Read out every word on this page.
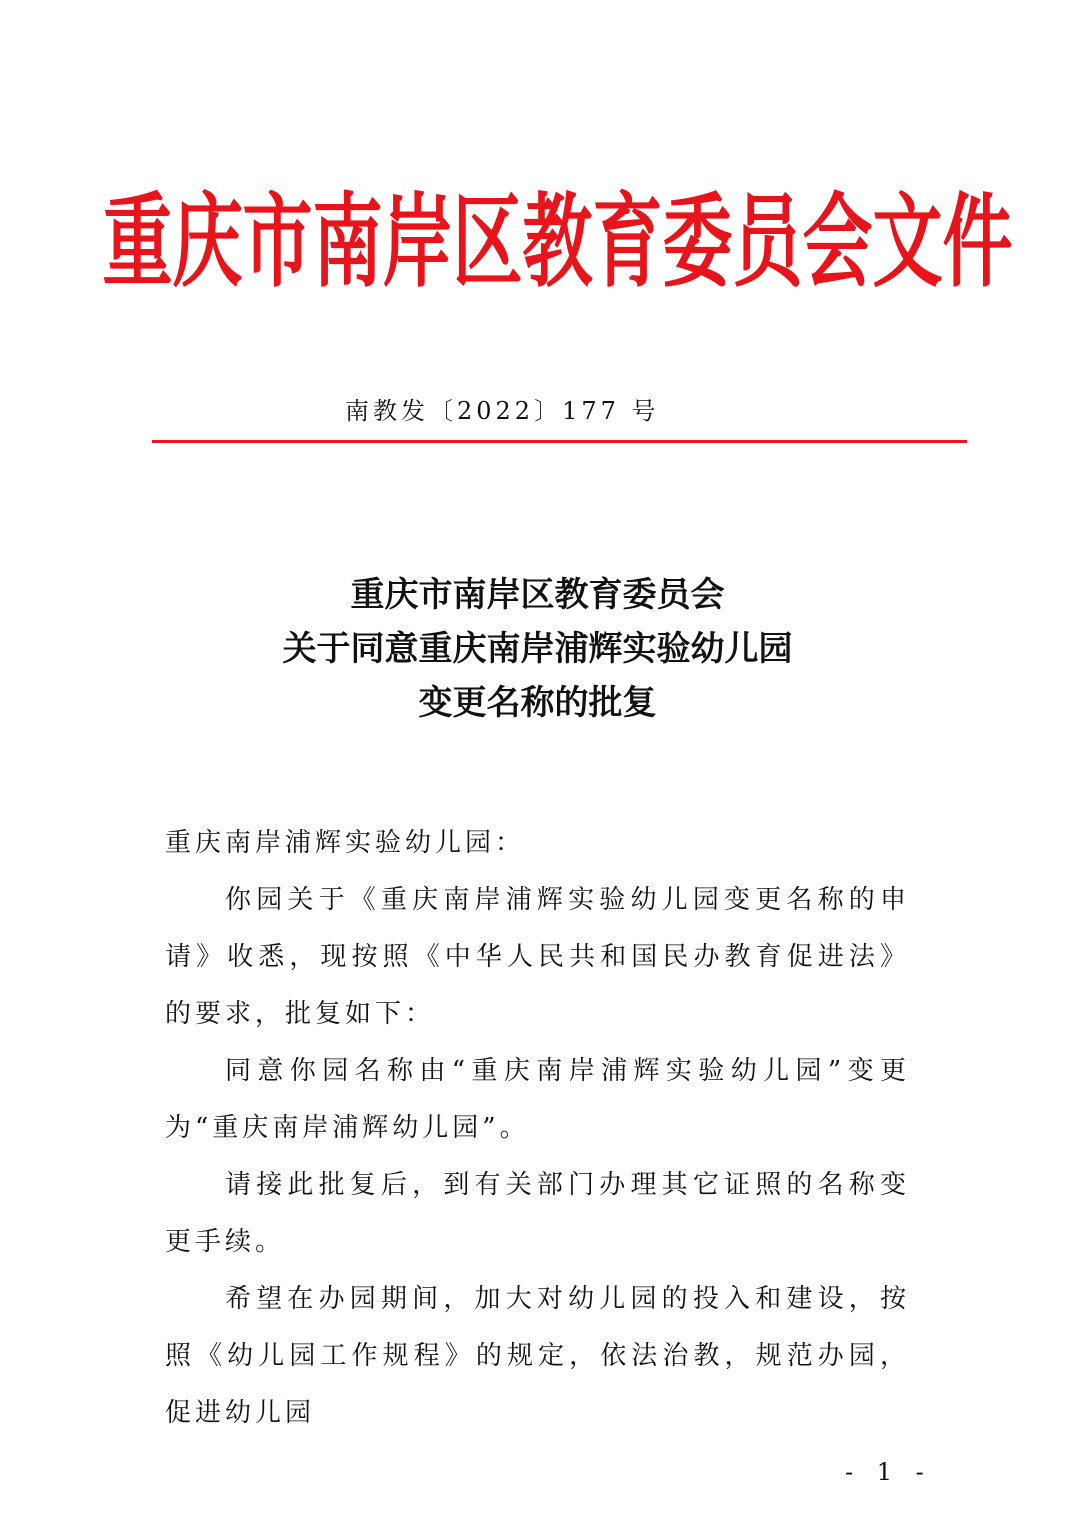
重庆市南岸区教育委员会文件
南教发〔2022〕177 号
重庆市南岸区教育委员会
关于同意重庆南岸浦辉实验幼儿园
变更名称的批复

重庆南岸浦辉实验幼儿园：

你园关于《重庆南岸浦辉实验幼儿园变更名称的申请》收悉，现按照《中华人民共和国民办教育促进法》的要求，批复如下：

同意你园名称由“重庆南岸浦辉实验幼儿园”变更为“重庆南岸浦辉幼儿园”。

请接此批复后，到有关部门办理其它证照的名称变更手续。

希望在办园期间，加大对幼儿园的投入和建设，按照《幼儿园工作规程》的规定，依法治教，规范办园，促进幼儿园

- 1 -
